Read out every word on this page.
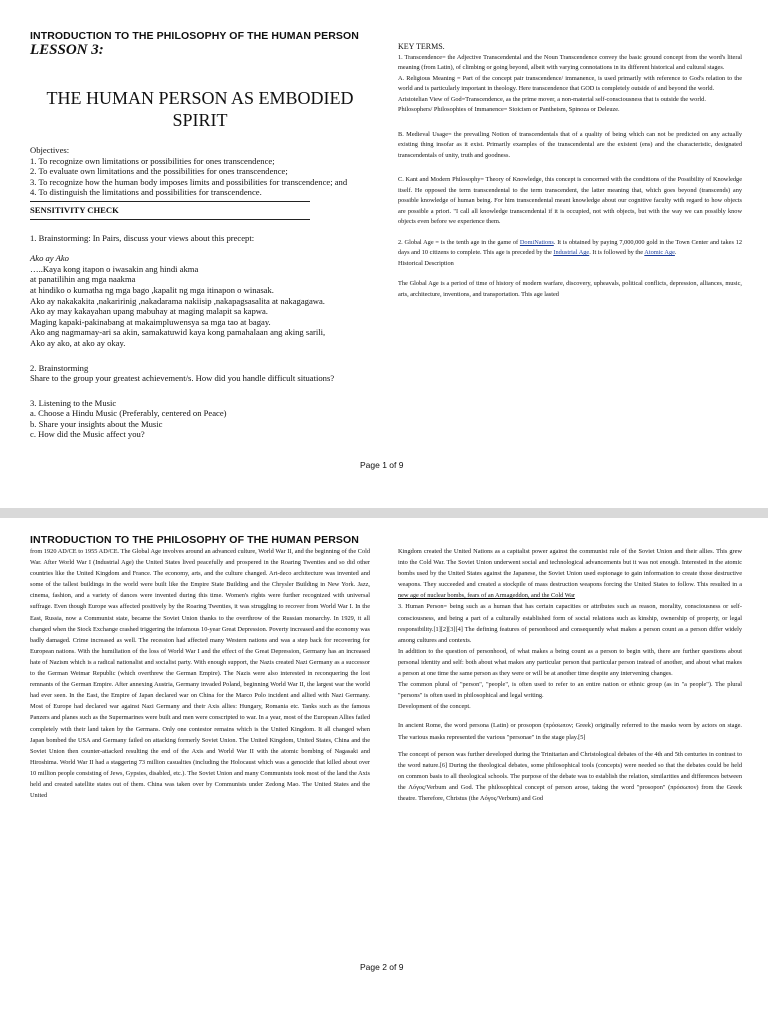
INTRODUCTION TO THE PHILOSOPHY OF THE HUMAN PERSON
LESSON 3:
THE HUMAN PERSON AS EMBODIED
SPIRIT
Objectives:
1. To recognize own limitations or possibilities for ones transcendence;
2. To evaluate own limitations and the possibilities for ones transcendence;
3. To recognize how the human body imposes limits and possibilities for transcendence; and
4. To distinguish the limitations and possibilities for transcendence.
SENSITIVITY CHECK
1. Brainstorming: In Pairs, discuss your views about this precept:
Ako ay Ako
…..Kaya kong itapon o iwasakin ang hindi akma
at panatilihin ang mga naakma
at hindiko o kumatha ng mga bago ,kapalit ng mga itinapon o winasak.
Ako ay nakakakita ,nakaririnig ,nakadarama nakiisip ,nakapagsasalita at nakagagawa.
Ako ay may kakayahan upang mabuhay at maging malapit sa kapwa.
Maging kapaki-pakinabang at makaimpluwensya sa mga tao at bagay.
Ako ang nagmamay-ari sa akin, samakatuwid kaya kong pamahalaan ang aking sarili,
Ako ay ako, at ako ay okay.
2. Brainstorming
Share to the group your greatest achievement/s. How did you handle difficult situations?
3. Listening to the Music
a. Choose a Hindu Music (Preferably, centered on Peace)
b. Share your insights about the Music
c. How did the Music affect you?
KEY TERMS.
1. Transcendence= the Adjective Transcendental and the Noun Transcendence convey the basic ground concept from the word's literal meaning (from Latin), of climbing or going beyond, albeit with varying connotations in its different historical and cultural stages.
A. Religious Meaning = Part of the concept pair transcendence/ immanence, is used primarily with reference to God's relation to the world and is particularly important in theology. Here transcendence that GOD is completely outside of and beyond the world.
Aristotelian View of God=Transcendence, as the prime mover, a non-material self-consciousness that is outside the world.
Philosophers/ Philosophies of Immanence= Stoicism or Pantheism, Spinoza or Deleuze.
B. Medieval Usage= the prevailing Notion of transcendentals that of a quality of being which can not be predicted on any actually existing thing insofar as it exist. Primarily examples of the transcendental are the existent (ens) and the characteristic, designated transcendentals of unity, truth and goodness.
C. Kant and Modern Philosophy= Theory of Knowledge, this concept is concerned with the conditions of the Possibility of Knowledge itself. He opposed the term transcendental to the term transcendent, the latter meaning that, which goes beyond (transcends) any possible knowledge of human being. For him transcendental meant knowledge about our cognitive faculty with regard to how objects are possible a priori. "I call all knowledge transcendental if it is occupied, not with objects, but with the way we can possibly know objects even before we experience them.
2. Global Age = is the tenth age in the game of DomiNations. It is obtained by paying 7,000,000 gold in the Town Center and takes 12 days and 10 citizens to complete. This age is preceded by the Industrial Age. It is followed by the Atomic Age.
Historical Description
The Global Age is a period of time of history of modern warfare, discovery, upheavals, political conflicts, depression, alliances, music, arts, architecture, inventions, and transportation. This age lasted
Page 1 of 9
INTRODUCTION TO THE PHILOSOPHY OF THE HUMAN PERSON
from 1920 AD/CE to 1955 AD/CE. The Global Age involves around an advanced culture, World War II, and the beginning of the Cold War. After World War I (Industrial Age) the United States lived peacefully and prospered in the Roaring Twenties and so did other countries like the United Kingdom and France. The economy, arts, and the culture changed. Art-deco architecture was invented and some of the tallest buildings in the world were built like the Empire State Building and the Chrysler Building in New York. Jazz, cinema, fashion, and a variety of dances were invented during this time. Women's rights were further recognized with universal suffrage. Even though Europe was affected positively by the Roaring Twenties, it was struggling to recover from World War I. In the East, Russia, now a Communist state, became the Soviet Union thanks to the overthrow of the Russian monarchy. In 1929, it all changed when the Stock Exchange crashed triggering the infamous 10-year Great Depression. Poverty increased and the economy was badly damaged. Crime increased as well. The recession had affected many Western nations and was a step back for recovering for European nations. With the humiliation of the loss of World War I and the effect of the Great Depression, Germany has an increased hate of Nazism which is a radical nationalist and socialist party. With enough support, the Nazis created Nazi Germany as a successor to the German Weimar Republic (which overthrew the German Empire). The Nazis were also interested in reconquering the lost remnants of the German Empire. After annexing Austria, Germany invaded Poland, beginning World War II, the largest war the world had ever seen. In the East, the Empire of Japan declared war on China for the Marco Polo incident and allied with Nazi Germany. Most of Europe had declared war against Nazi Germany and their Axis allies: Hungary, Romania etc. Tanks such as the famous Panzers and planes such as the Supermarines were built and men were conscripted to war. In a year, most of the European Allies failed completely with their land taken by the Germans. Only one contestor remains which is the United Kingdom. It all changed when Japan bombed the USA and Germany failed on attacking formerly Soviet Union. The United Kingdom, United States, China and the Soviet Union then counter-attacked resulting the end of the Axis and World War II with the atomic bombing of Nagasaki and Hiroshima. World War II had a staggering 73 million casualties (including the Holocaust which was a genocide that killed about over 10 million people consisting of Jews, Gypsies, disabled, etc.). The Soviet Union and many Communists took most of the land the Axis held and created satellite states out of them. China was taken over by Communists under Zedong Mao. The United States and the United
Kingdom created the United Nations as a capitalist power against the communist rule of the Soviet Union and their allies. This grew into the Cold War. The Soviet Union underwent social and technological advancements but it was not enough. Interested in the atomic bombs used by the United States against the Japanese, the Soviet Union used espionage to gain information to create those destructive weapons. They succeeded and created a stockpile of mass destruction weapons forcing the United States to follow. This resulted in a new age of nuclear bombs, fears of an Armageddon, and the Cold War
3. Human Person= being such as a human that has certain capacities or attributes such as reason, morality, consciousness or self-consciousness, and being a part of a culturally established form of social relations such as kinship, ownership of property, or legal responsibility.[1][2][3][4] The defining features of personhood and consequently what makes a person count as a person differ widely among cultures and contexts.
In addition to the question of personhood, of what makes a being count as a person to begin with, there are further questions about personal identity and self: both about what makes any particular person that particular person instead of another, and about what makes a person at one time the same person as they were or will be at another time despite any intervening changes.
The common plural of "person", "people", is often used to refer to an entire nation or ethnic group (as in "a people"). The plural "persons" is often used in philosophical and legal writing.
Development of the concept.
In ancient Rome, the word persona (Latin) or prosopon (πρόσωπον; Greek) originally referred to the masks worn by actors on stage. The various masks represented the various "personae" in the stage play.[5]
The concept of person was further developed during the Trinitarian and Christological debates of the 4th and 5th centuries in contrast to the word nature.[6] During the theological debates, some philosophical tools (concepts) were needed so that the debates could be held on common basis to all theological schools. The purpose of the debate was to establish the relation, similarities and differences between the Λóγος/Verbum and God. The philosophical concept of person arose, taking the word "prosopon" (πρόσωπον) from the Greek theatre. Therefore, Christus (the Λóγος/Verbum) and God
Page 2 of 9
